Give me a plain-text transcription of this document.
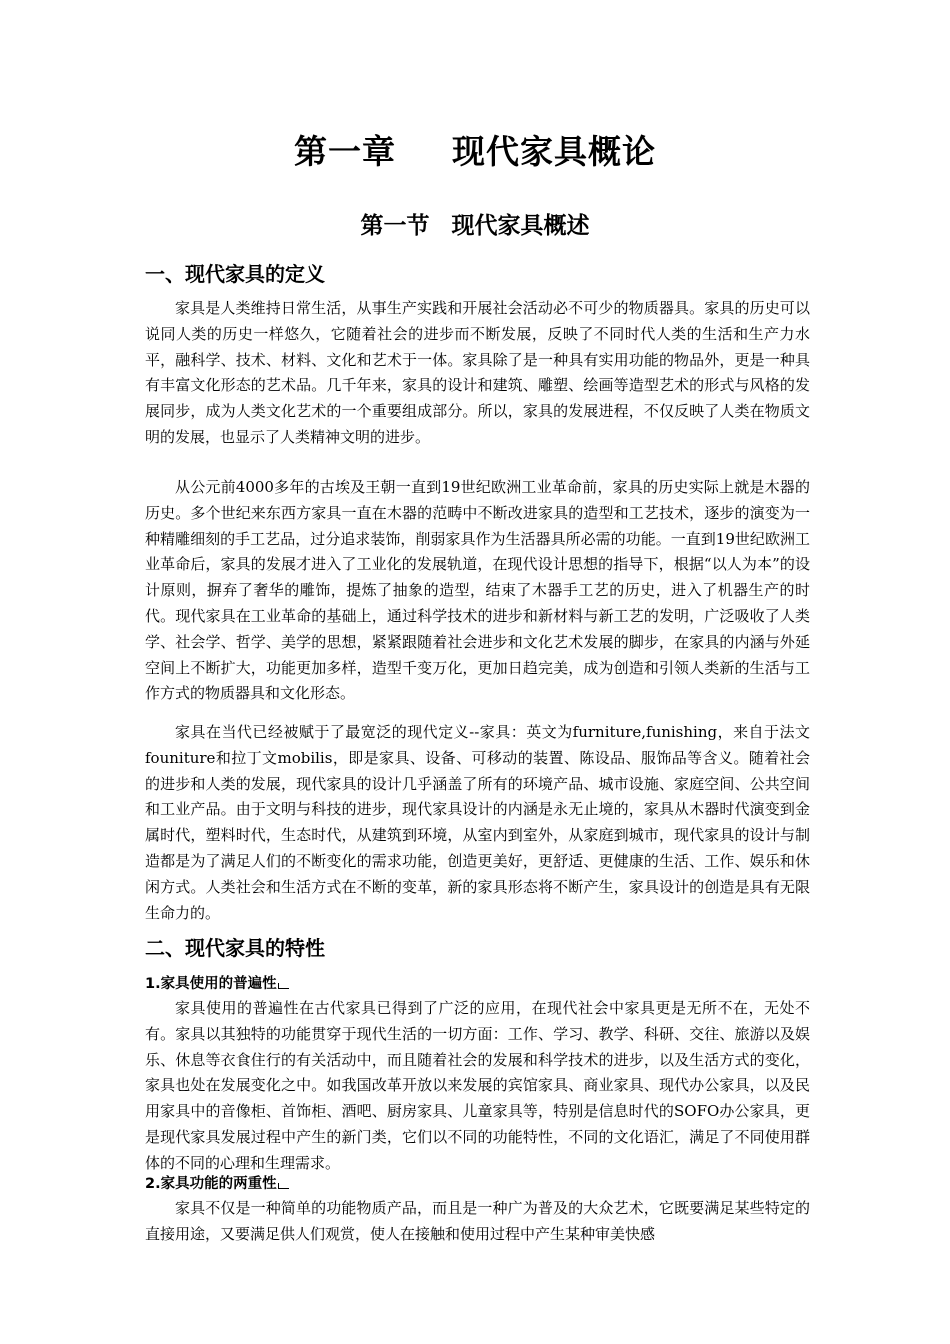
第一章 现代家具概论
第一节 现代家具概述
一、现代家具的定义

家具是人类维持日常生活，从事生产实践和开展社会活动必不可少的物质器具。家具的历史可以说同人类的历史一样悠久，它随着社会的进步而不断发展，反映了不同时代人类的生活和生产力水平，融科学、技术、材料、文化和艺术于一体。家具除了是一种具有实用功能的物品外，更是一种具有丰富文化形态的艺术品。几千年来，家具的设计和建筑、雕塑、绘画等造型艺术的形式与风格的发展同步，成为人类文化艺术的一个重要组成部分。所以，家具的发展进程，不仅反映了人类在物质文明的发展，也显示了人类精神文明的进步。

从公元前4000多年的古埃及王朝一直到19世纪欧洲工业革命前，家具的历史实际上就是木器的历史。多个世纪来东西方家具一直在木器的范畴中不断改进家具的造型和工艺技术，逐步的演变为一种精雕细刻的手工艺品，过分追求装饰，削弱家具作为生活器具所必需的功能。一直到19世纪欧洲工业革命后，家具的发展才进入了工业化的发展轨道，在现代设计思想的指导下，根据“以人为本”的设计原则，摒弃了奢华的雕饰，提炼了抽象的造型，结束了木器手工艺的历史，进入了机器生产的时代。现代家具在工业革命的基础上，通过科学技术的进步和新材料与新工艺的发明，广泛吸收了人类学、社会学、哲学、美学的思想，紧紧跟随着社会进步和文化艺术发展的脚步，在家具的内涵与外延空间上不断扩大，功能更加多样，造型千变万化，更加日趋完美，成为创造和引领人类新的生活与工作方式的物质器具和文化形态。

家具在当代已经被赋于了最宽泛的现代定义--家具：英文为furniture,funishing，来自于法文founiture和拉丁文mobilis，即是家具、设备、可移动的装置、陈设品、服饰品等含义。随着社会的进步和人类的发展，现代家具的设计几乎涵盖了所有的环境产品、城市设施、家庭空间、公共空间和工业产品。由于文明与科技的进步，现代家具设计的内涵是永无止境的，家具从木器时代演变到金属时代，塑料时代，生态时代，从建筑到环境，从室内到室外，从家庭到城市，现代家具的设计与制造都是为了满足人们的不断变化的需求功能，创造更美好，更舒适、更健康的生活、工作、娱乐和休闲方式。人类社会和生活方式在不断的变革，新的家具形态将不断产生，家具设计的创造是具有无限生命力的。

二、现代家具的特性
1.家具使用的普遍性

家具使用的普遍性在古代家具已得到了广泛的应用，在现代社会中家具更是无所不在，无处不有。家具以其独特的功能贯穿于现代生活的一切方面：工作、学习、教学、科研、交往、旅游以及娱乐、休息等衣食住行的有关活动中，而且随着社会的发展和科学技术的进步，以及生活方式的变化，家具也处在发展变化之中。如我国改革开放以来发展的宾馆家具、商业家具、现代办公家具，以及民用家具中的音像柜、首饰柜、酒吧、厨房家具、儿童家具等，特别是信息时代的SOFO办公家具，更是现代家具发展过程中产生的新门类，它们以不同的功能特性，不同的文化语汇，满足了不同使用群体的不同的心理和生理需求。

2.家具功能的两重性

家具不仅是一种简单的功能物质产品，而且是一种广为普及的大众艺术，它既要满足某些特定的直接用途，又要满足供人们观赏，使人在接触和使用过程中产生某种审美快感
